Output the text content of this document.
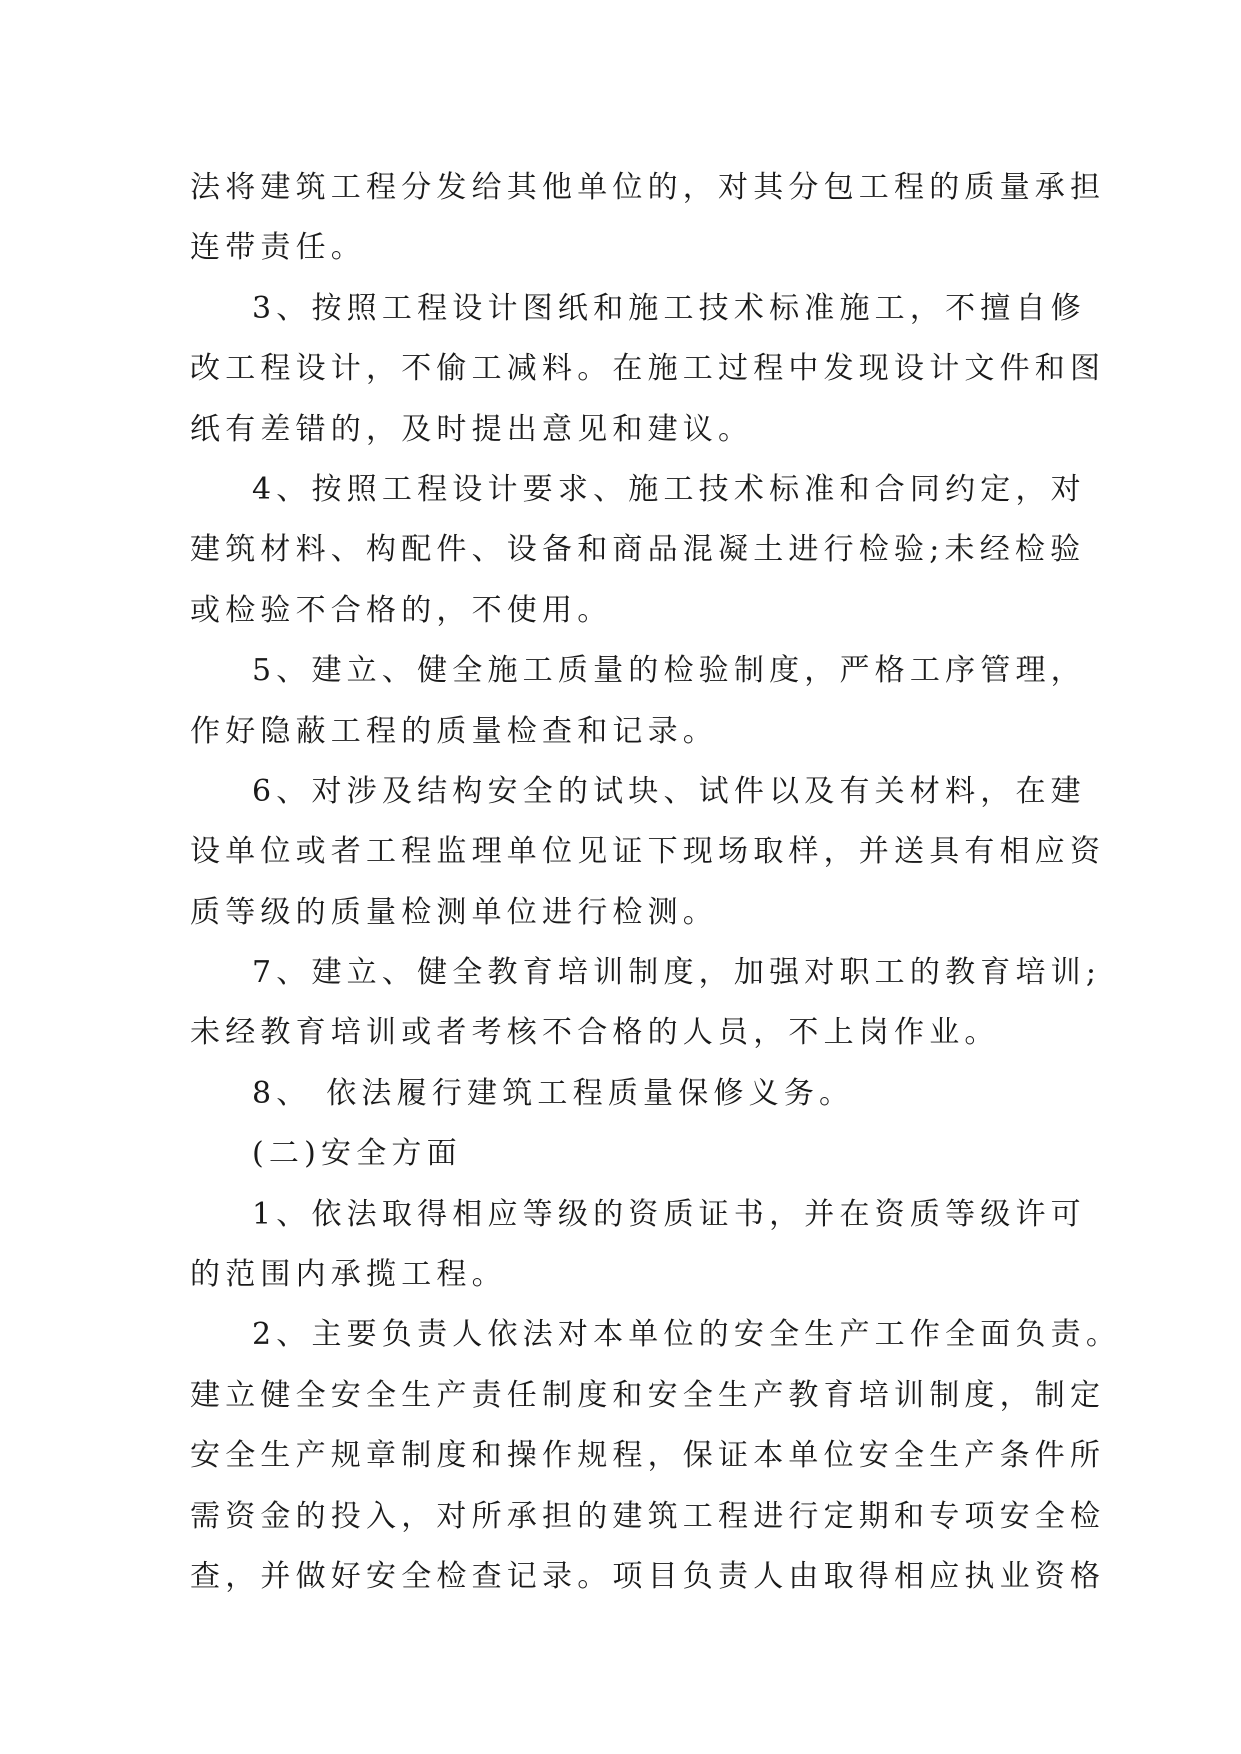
法将建筑工程分发给其他单位的，对其分包工程的质量承担
连带责任。
3、按照工程设计图纸和施工技术标准施工，不擅自修
改工程设计，不偷工减料。在施工过程中发现设计文件和图
纸有差错的，及时提出意见和建议。
4、按照工程设计要求、施工技术标准和合同约定，对
建筑材料、构配件、设备和商品混凝土进行检验;未经检验
或检验不合格的，不使用。
5、建立、健全施工质量的检验制度，严格工序管理，
作好隐蔽工程的质量检查和记录。
6、对涉及结构安全的试块、试件以及有关材料，在建
设单位或者工程监理单位见证下现场取样，并送具有相应资
质等级的质量检测单位进行检测。
7、建立、健全教育培训制度，加强对职工的教育培训;
未经教育培训或者考核不合格的人员，不上岗作业。
8、 依法履行建筑工程质量保修义务。
(二)安全方面
1、依法取得相应等级的资质证书，并在资质等级许可
的范围内承揽工程。
2、主要负责人依法对本单位的安全生产工作全面负责。
建立健全安全生产责任制度和安全生产教育培训制度，制定
安全生产规章制度和操作规程，保证本单位安全生产条件所
需资金的投入，对所承担的建筑工程进行定期和专项安全检
查，并做好安全检查记录。项目负责人由取得相应执业资格
